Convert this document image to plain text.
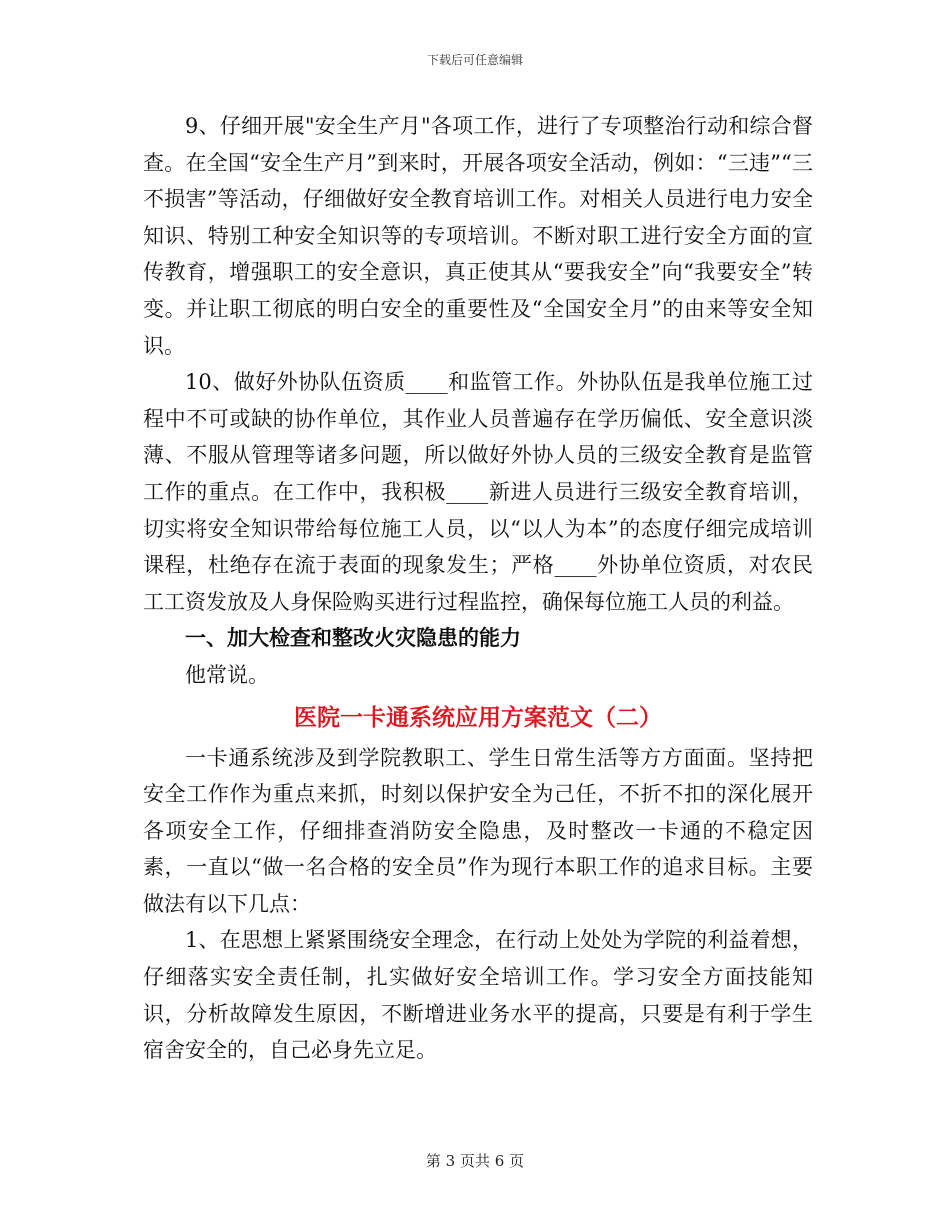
下载后可任意编辑

9、仔细开展"安全生产月"各项工作，进行了专项整治行动和综合督查。在全国“安全生产月”到来时，开展各项安全活动，例如：“三违”“三不损害”等活动，仔细做好安全教育培训工作。对相关人员进行电力安全知识、特别工种安全知识等的专项培训。不断对职工进行安全方面的宣传教育，增强职工的安全意识，真正使其从“要我安全”向“我要安全”转变。并让职工彻底的明白安全的重要性及“全国安全月”的由来等安全知识。

10、做好外协队伍资质____和监管工作。外协队伍是我单位施工过程中不可或缺的协作单位，其作业人员普遍存在学历偏低、安全意识淡薄、不服从管理等诸多问题，所以做好外协人员的三级安全教育是监管工作的重点。在工作中，我积极____新进人员进行三级安全教育培训，切实将安全知识带给每位施工人员，以“以人为本”的态度仔细完成培训课程，杜绝存在流于表面的现象发生；严格____外协单位资质，对农民工工资发放及人身保险购买进行过程监控，确保每位施工人员的利益。

一、加大检查和整改火灾隐患的能力

他常说。

医院一卡通系统应用方案范文（二）

一卡通系统涉及到学院教职工、学生日常生活等方方面面。坚持把安全工作作为重点来抓，时刻以保护安全为己任，不折不扣的深化展开各项安全工作，仔细排查消防安全隐患，及时整改一卡通的不稳定因素，一直以“做一名合格的安全员”作为现行本职工作的追求目标。主要做法有以下几点：

1、在思想上紧紧围绕安全理念，在行动上处处为学院的利益着想，仔细落实安全责任制，扎实做好安全培训工作。学习安全方面技能知识，分析故障发生原因，不断增进业务水平的提高，只要是有利于学生宿舍安全的，自己必身先立足。

第 3 页共 6 页
